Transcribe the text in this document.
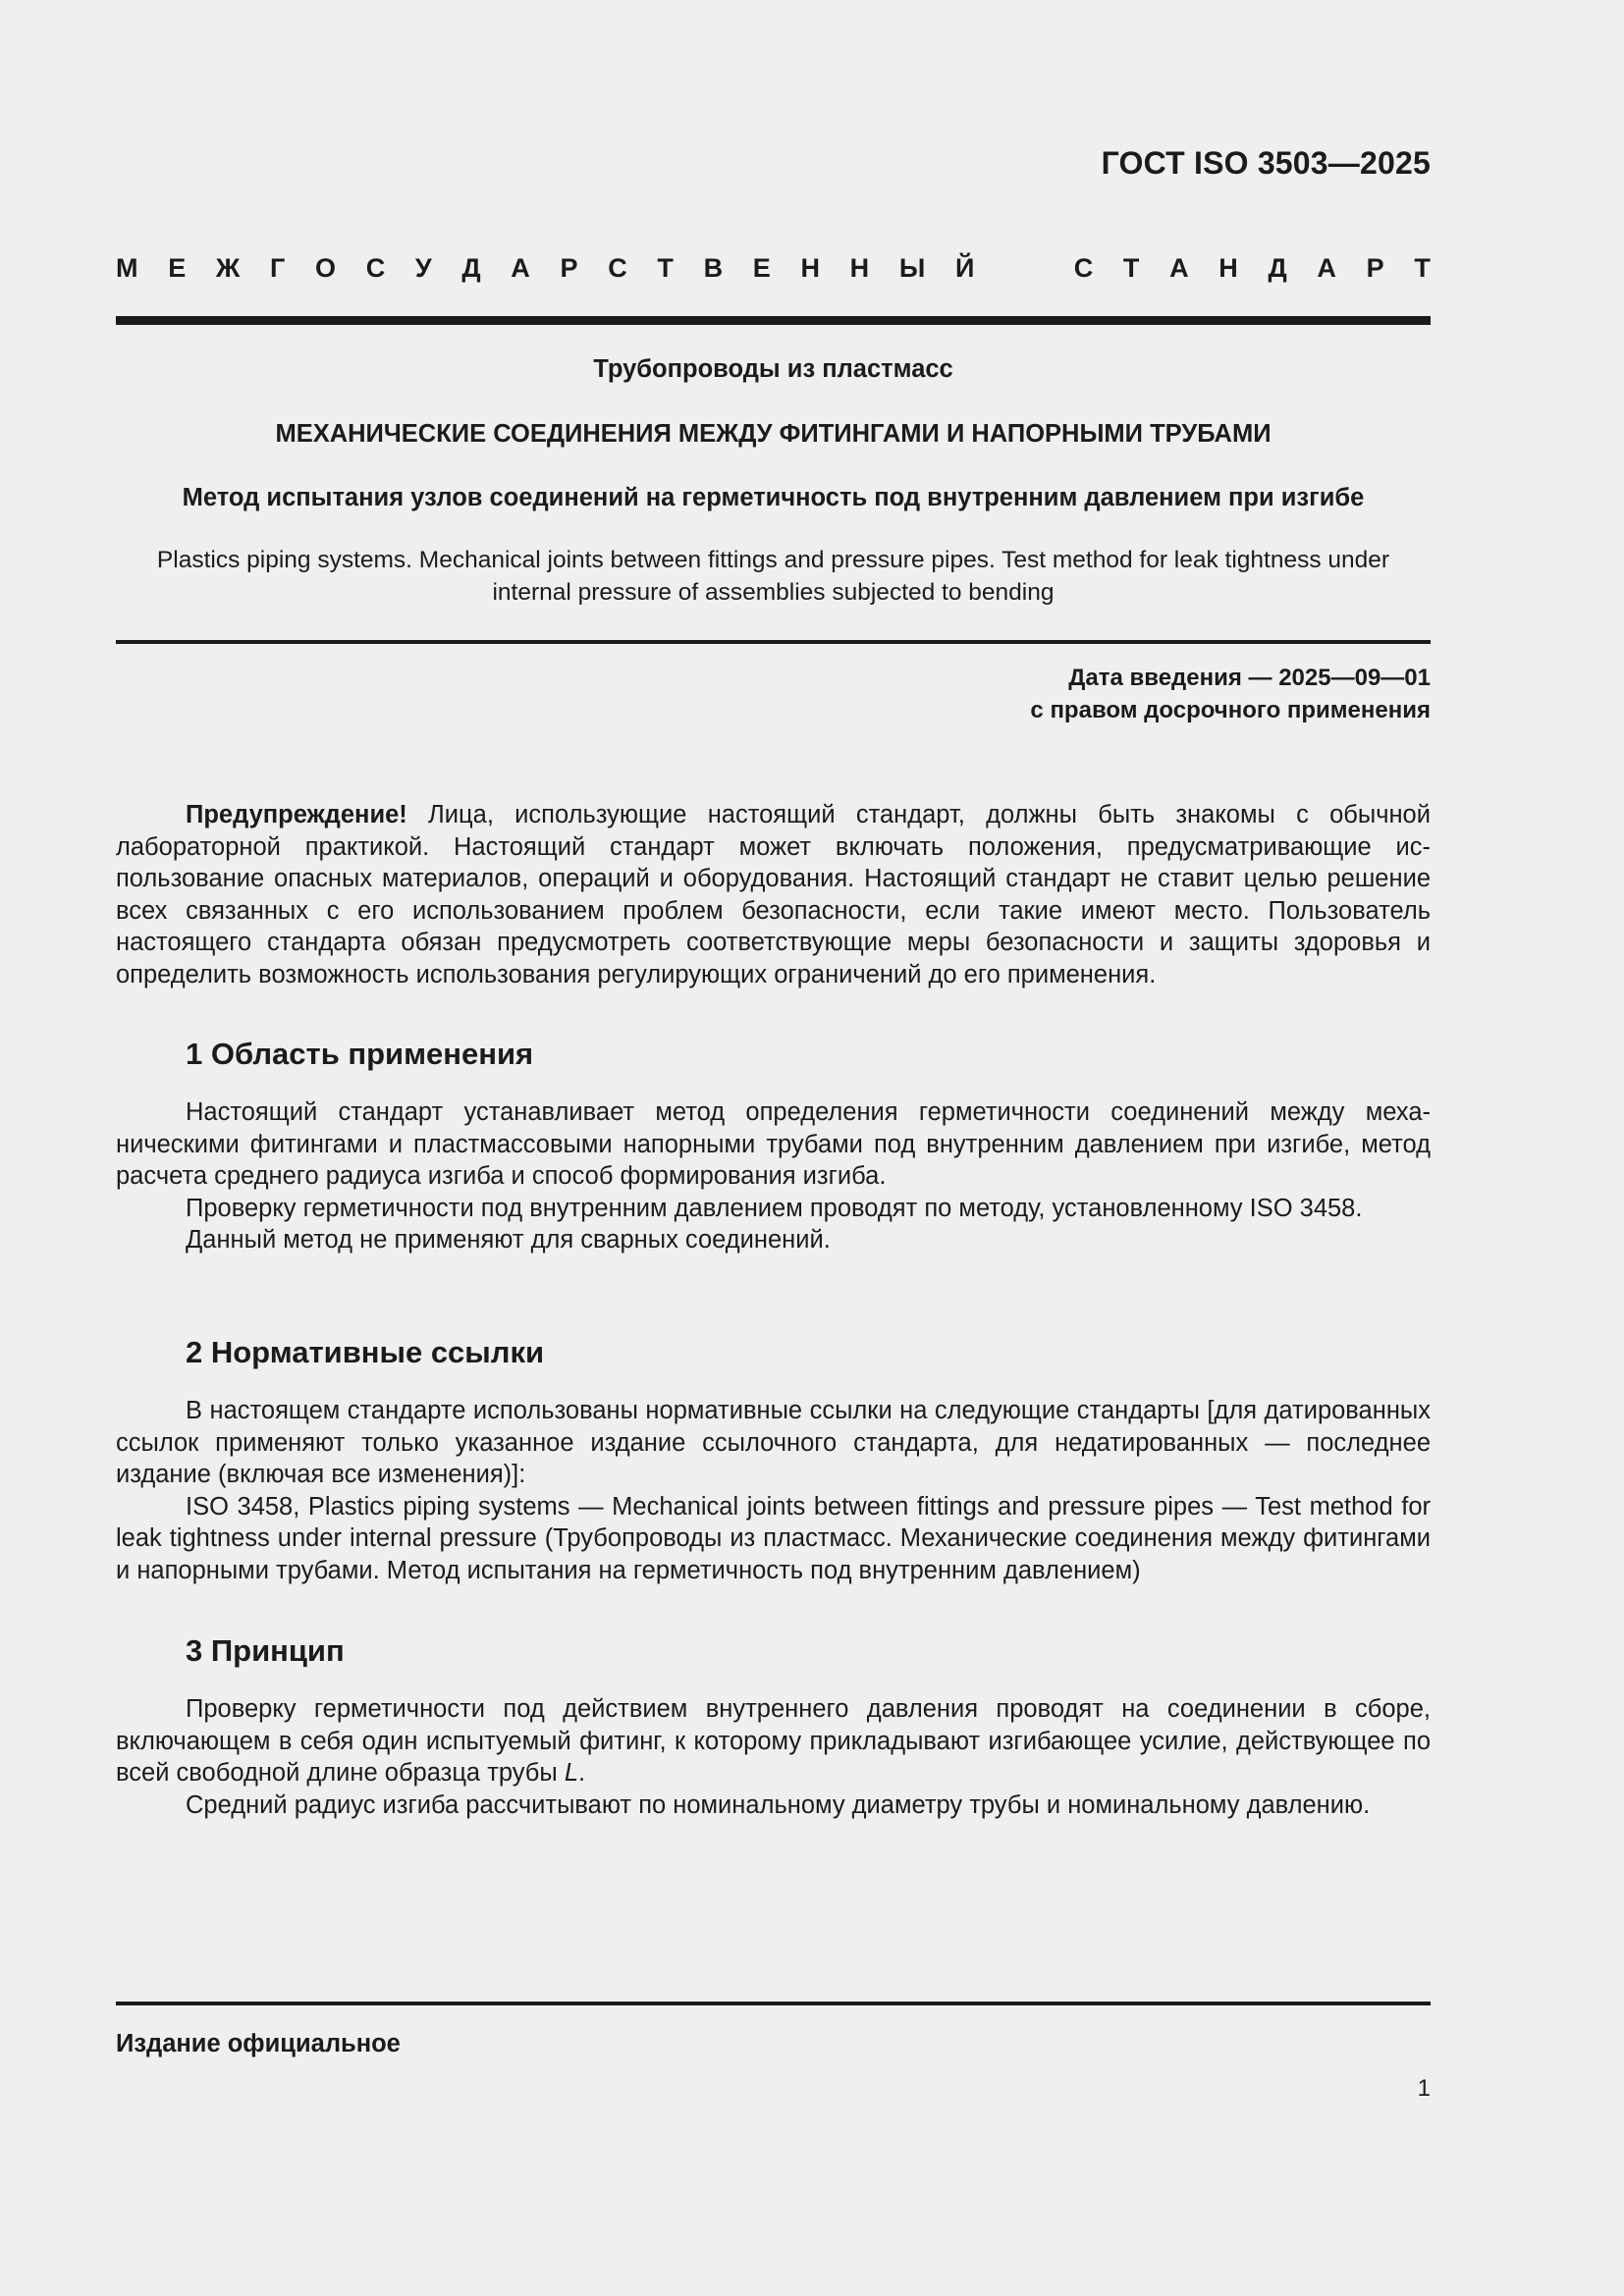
ГОСТ ISO 3503—2025
М Е Ж Г О С У Д А Р С Т В Е Н Н Ы Й	С Т А Н Д А Р Т
Трубопроводы из пластмасс
МЕХАНИЧЕСКИЕ СОЕДИНЕНИЯ МЕЖДУ ФИТИНГАМИ И НАПОРНЫМИ ТРУБАМИ
Метод испытания узлов соединений на герметичность под внутренним давлением при изгибе
Plastics piping systems. Mechanical joints between fittings and pressure pipes. Test method for leak tightness under
internal pressure of assemblies subjected to bending
Дата введения — 2025—09—01
с правом досрочного применения

Предупреждение! Лица, использующие настоящий стандарт, должны быть знакомы с обычной лабораторной практикой. Настоящий стандарт может включать положения, предусматривающие использование опасных материалов, операций и оборудования. Настоящий стандарт не ставит целью решение всех связанных с его использованием проблем безопасности, если такие имеют место. Пользователь настоящего стандарта обязан предусмотреть соответствующие меры безопасности и защиты здоровья и определить возможность использования регулирующих ограничений до его применения.

1 Область применения

Настоящий стандарт устанавливает метод определения герметичности соединений между механическими фитингами и пластмассовыми напорными трубами под внутренним давлением при изгибе, метод расчета среднего радиуса изгиба и способ формирования изгиба.

Проверку герметичности под внутренним давлением проводят по методу, установленному ISO 3458.

Данный метод не применяют для сварных соединений.

2 Нормативные ссылки

В настоящем стандарте использованы нормативные ссылки на следующие стандарты [для датированных ссылок применяют только указанное издание ссылочного стандарта, для недатированных — последнее издание (включая все изменения)]:

ISO 3458, Plastics piping systems — Mechanical joints between fittings and pressure pipes — Test method for leak tightness under internal pressure (Трубопроводы из пластмасс. Механические соединения между фитингами и напорными трубами. Метод испытания на герметичность под внутренним давлением)

3 Принцип

Проверку герметичности под действием внутреннего давления проводят на соединении в сборе, включающем в себя один испытуемый фитинг, к которому прикладывают изгибающее усилие, действующее по всей свободной длине образца трубы L.

Средний радиус изгиба рассчитывают по номинальному диаметру трубы и номинальному давлению.

Издание официальное
1
